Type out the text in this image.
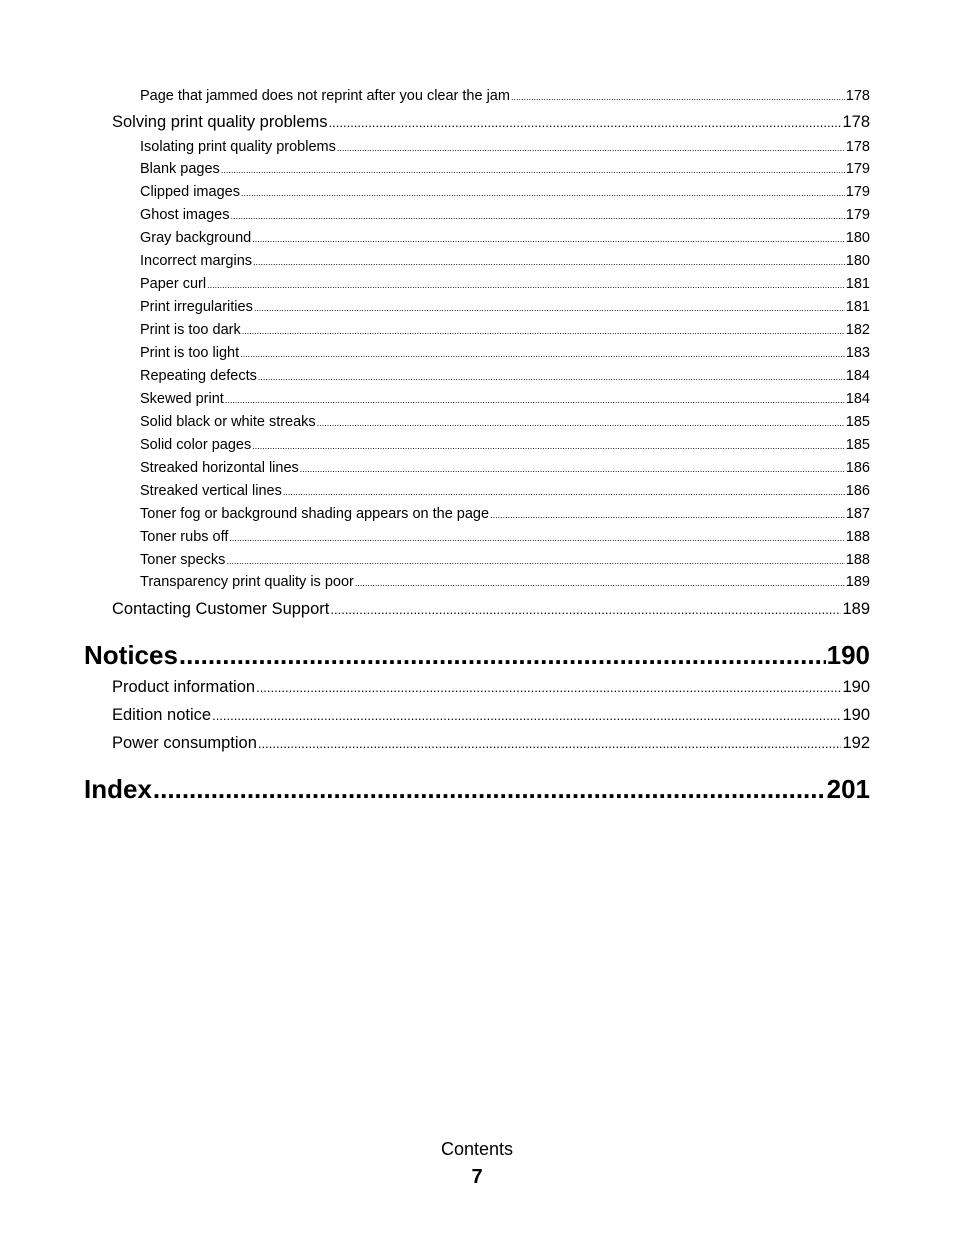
Page that jammed does not reprint after you clear the jam .....	178
Solving print quality problems .....	178
Isolating print quality problems .....	178
Blank pages .....	179
Clipped images .....	179
Ghost images .....	179
Gray background .....	180
Incorrect margins .....	180
Paper curl .....	181
Print irregularities .....	181
Print is too dark .....	182
Print is too light .....	183
Repeating defects .....	184
Skewed print .....	184
Solid black or white streaks .....	185
Solid color pages .....	185
Streaked horizontal lines .....	186
Streaked vertical lines .....	186
Toner fog or background shading appears on the page .....	187
Toner rubs off .....	188
Toner specks .....	188
Transparency print quality is poor .....	189
Contacting Customer Support .....	189
Notices .....	190
Product information .....	190
Edition notice .....	190
Power consumption .....	192
Index .....	201
Contents
7
